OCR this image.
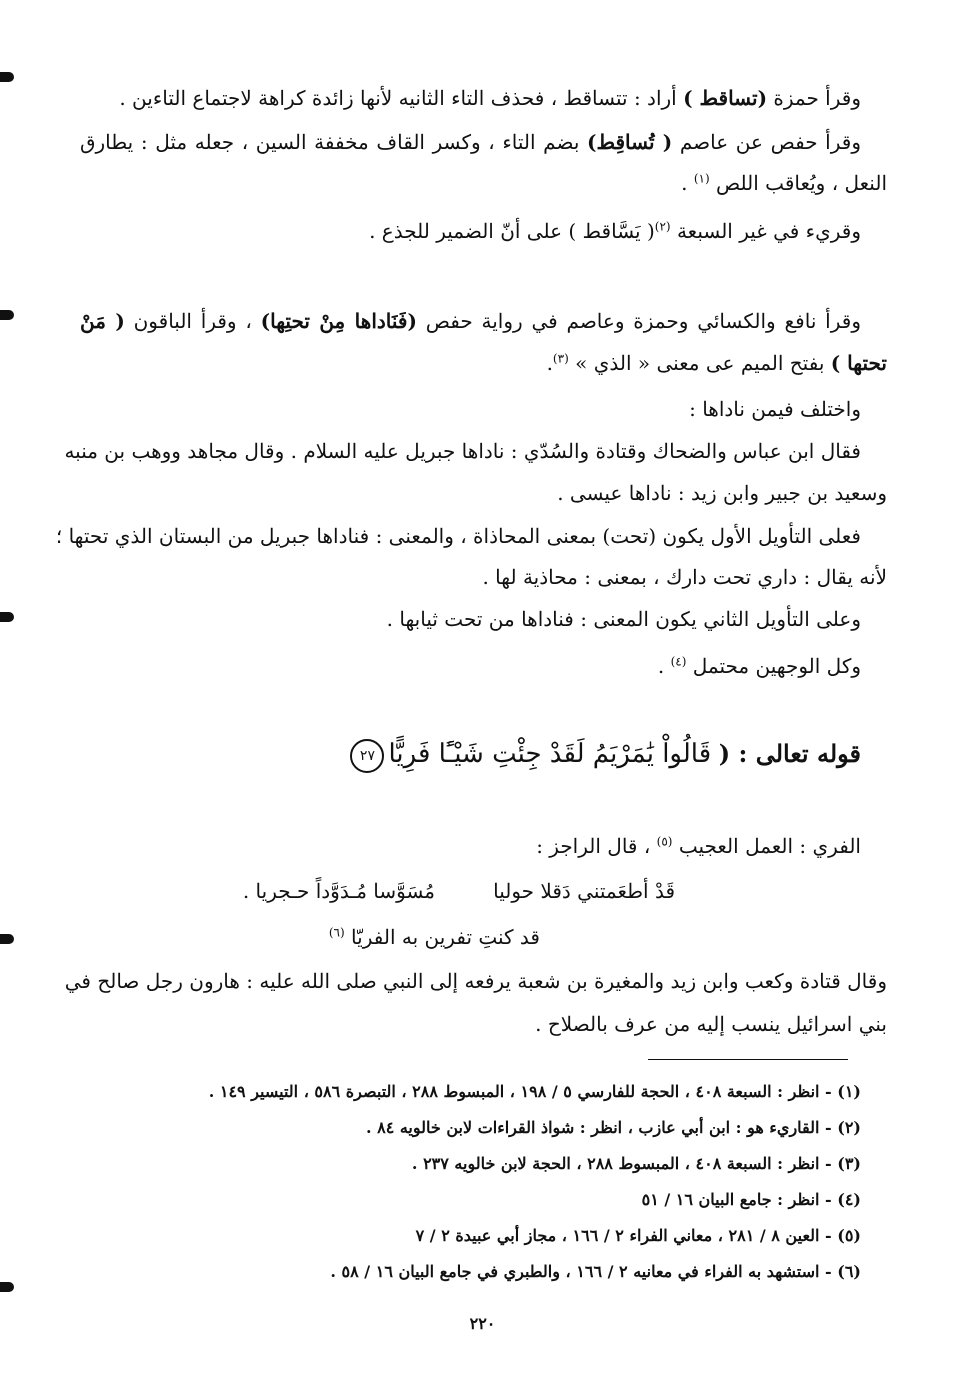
وقرأ حمزة (تساقط ) أراد : تتساقط ، فحذف التاء الثانيه لأنها زائدة كراهة لاجتماع التاءين .
وقرأ حفص عن عاصم ( تُساقِط) بضم التاء ، وكسر القاف مخففة السين ، جعله مثل : يطارق
النعل ، ويُعاقب اللص $^{(١)}$ .
وقريء في غير السبعة $^{(٢)}$( يَسَّاقط ) على أنّ الضمير للجذع .
وقرأ نافع والكسائي وحمزة وعاصم في رواية حفص (فَنَاداها مِنْ تحتِها) ، وقرأ الباقون ( مَنْ
تحتها ) بفتح الميم عى معنى « الذي » $^{(٣)}$.
واختلف فيمن ناداها :
فقال ابن عباس والضحاك وقتادة والسُدّي : ناداها جبريل عليه السلام . وقال مجاهد ووهب بن منبه
وسعيد بن جبير وابن زيد : ناداها عيسى .
فعلى التأويل الأول يكون (تحت) بمعنى المحاذاة ، والمعنى : فناداها جبريل من البستان الذي تحتها ؛
لأنه يقال : داري تحت دارك ، بمعنى : محاذية لها .
وعلى التأويل الثاني يكون المعنى : فناداها من تحت ثيابها .
وكل الوجهين محتمل $^{(٤)}$ .
قوله تعالى : ( قَالُواْ يَٰمَرْيَمُ لَقَدْ جِئْتِ شَيْـًٔا فَرِيًّا٢٧
الفري : العمل العجيب $^{(٥)}$ ، قال الراجز :
قَدْ أطعَمتني دَقلا حوليا
مُسَوَّسا مُـدَوَّداً حـجريا .
قد كنتِ تفرين به الفريّا $^{(٦)}$
وقال قتادة وكعب وابن زيد والمغيرة بن شعبة يرفعه إلى النبي صلى الله عليه : هارون رجل صالح في
بني اسرائيل ينسب إليه من عرف بالصلاح .
(١) - انظر : السبعة ٤٠٨ ، الحجة للفارسي ٥ / ١٩٨ ، المبسوط ٢٨٨ ، التبصرة ٥٨٦ ، التيسير ١٤٩ .
(٢) - القاريء هو : ابن أبي عازب ، انظر : شواذ القراءات لابن خالويه ٨٤ .
(٣) - انظر : السبعة ٤٠٨ ، المبسوط ٢٨٨ ، الحجة لابن خالويه ٢٣٧ .
(٤) - انظر : جامع البيان ١٦ / ٥١
(٥) - العين ٨ / ٢٨١ ، معاني الفراء ٢ / ١٦٦ ، مجاز أبي عبيدة ٢ / ٧
(٦) - استشهد به الفراء في معانيه ٢ / ١٦٦ ، والطبري في جامع البيان ١٦ / ٥٨ .
٢٢٠
